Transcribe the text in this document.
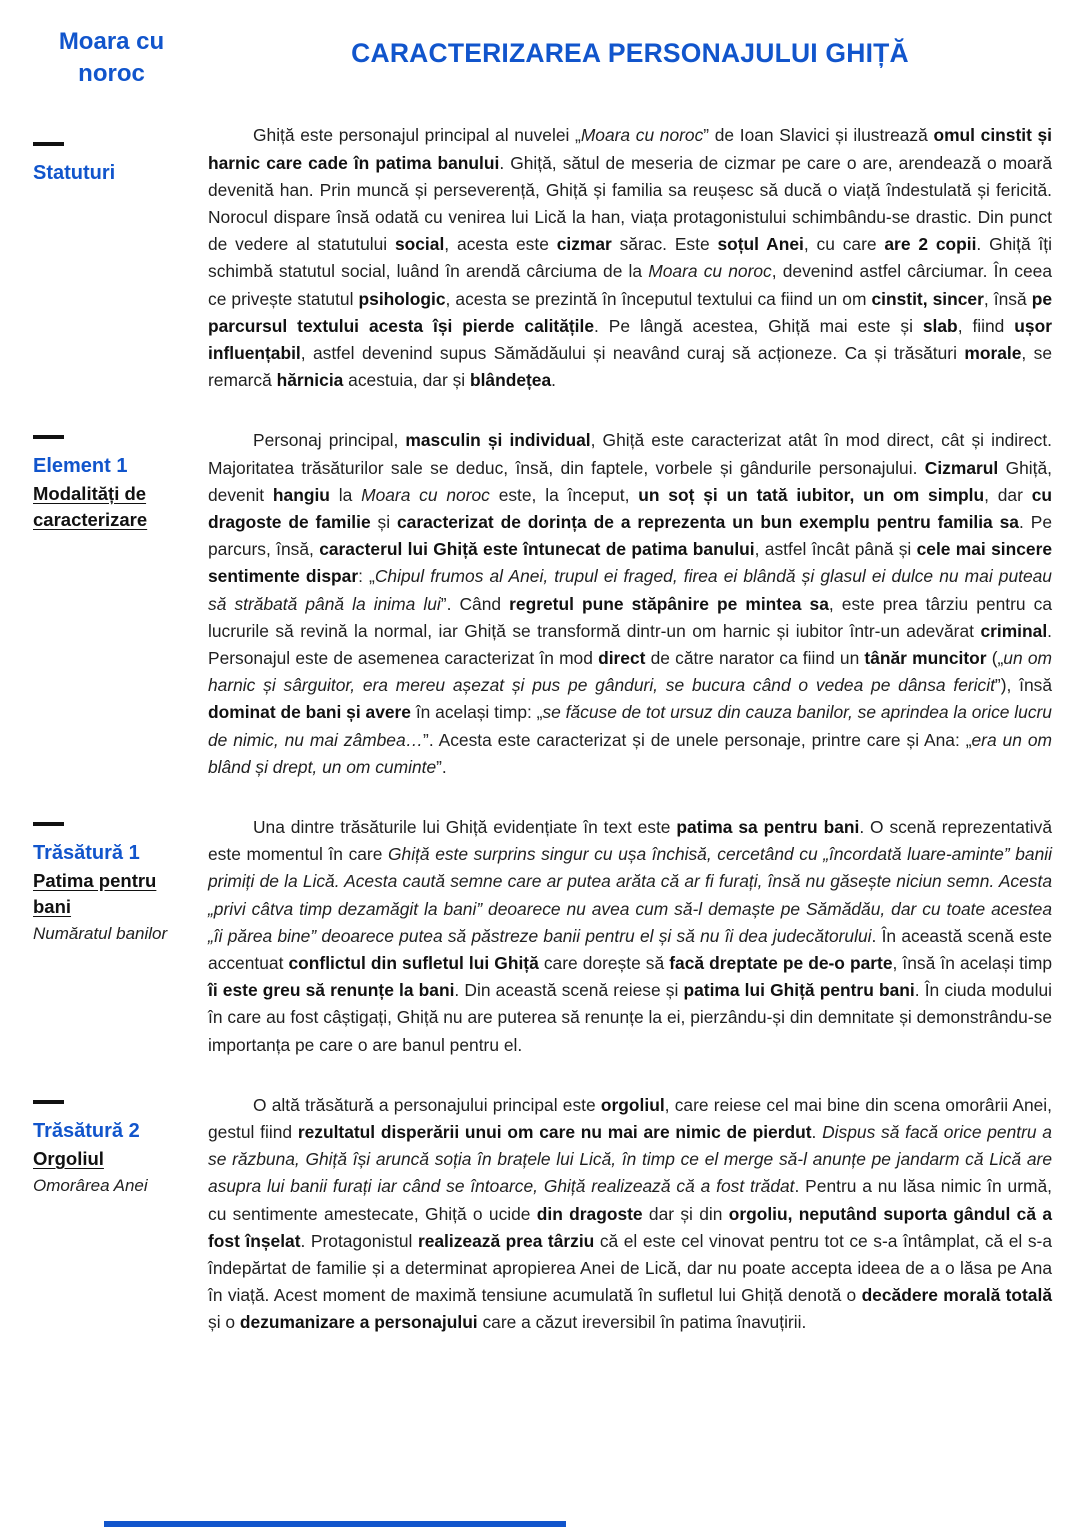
Moara cu noroc
CARACTERIZAREA PERSONAJULUI GHIȚĂ
Statuturi

Ghiță este personajul principal al nuvelei „Moara cu noroc” de Ioan Slavici și ilustrează omul cinstit și harnic care cade în patima banului. Ghiță, sătul de meseria de cizmar pe care o are, arendează o moară devenită han. Prin muncă și perseverență, Ghiță și familia sa reușesc să ducă o viață îndestulată și fericită. Norocul dispare însă odată cu venirea lui Lică la han, viața protagonistului schimbându-se drastic. Din punct de vedere al statutului social, acesta este cizmar sărac. Este soțul Anei, cu care are 2 copii. Ghiță îți schimbă statutul social, luând în arendă cârciuma de la Moara cu noroc, devenind astfel cârciumar. În ceea ce privește statutul psihologic, acesta se prezintă în începutul textului ca fiind un om cinstit, sincer, însă pe parcursul textului acesta își pierde calitățile. Pe lângă acestea, Ghiță mai este și slab, fiind ușor influențabil, astfel devenind supus Sămădăului și neavând curaj să acționeze. Ca și trăsături morale, se remarcă hărnicia acestuia, dar și blândețea.

Element 1
Modalități de caracterizare

Personaj principal, masculin și individual, Ghiță este caracterizat atât în mod direct, cât și indirect. Majoritatea trăsăturilor sale se deduc, însă, din faptele, vorbele și gândurile personajului. Cizmarul Ghiță, devenit hangiu la Moara cu noroc este, la început, un soț și un tată iubitor, un om simplu, dar cu dragoste de familie și caracterizat de dorința de a reprezenta un bun exemplu pentru familia sa. Pe parcurs, însă, caracterul lui Ghiță este întunecat de patima banului, astfel încât până și cele mai sincere sentimente dispar: „Chipul frumos al Anei, trupul ei fraged, firea ei blândă și glasul ei dulce nu mai puteau să străbată până la inima lui”. Când regretul pune stăpânire pe mintea sa, este prea târziu pentru ca lucrurile să revină la normal, iar Ghiță se transformă dintr-un om harnic și iubitor într-un adevărat criminal. Personajul este de asemenea caracterizat în mod direct de către narator ca fiind un tânăr muncitor („un om harnic și sârguitor, era mereu așezat și pus pe gânduri, se bucura când o vedea pe dânsa fericit”), însă dominat de bani și avere în același timp: „se făcuse de tot ursuz din cauza banilor, se aprindea la orice lucru de nimic, nu mai zâmbea…”. Acesta este caracterizat și de unele personaje, printre care și Ana: „era un om blând și drept, un om cuminte”.

Trăsătură 1
Patima pentru bani
Număratul banilor

Una dintre trăsăturile lui Ghiță evidențiate în text este patima sa pentru bani. O scenă reprezentativă este momentul în care Ghiță este surprins singur cu ușa închisă, cercetând cu „încordată luare-aminte” banii primiți de la Lică. Acesta caută semne care ar putea arăta că ar fi furați, însă nu găsește niciun semn. Acesta „privi câtva timp dezamăgit la bani” deoarece nu avea cum să-l demaște pe Sămădău, dar cu toate acestea „îi părea bine” deoarece putea să păstreze banii pentru el și să nu îi dea judecătorului. În această scenă este accentuat conflictul din sufletul lui Ghiță care dorește să facă dreptate pe de-o parte, însă în același timp îi este greu să renunțe la bani. Din această scenă reiese și patima lui Ghiță pentru bani. În ciuda modului în care au fost câștigați, Ghiță nu are puterea să renunțe la ei, pierzându-și din demnitate și demonstrându-se importanța pe care o are banul pentru el.

Trăsătură 2
Orgoliul
Omorârea Anei

O altă trăsătură a personajului principal este orgoliul, care reiese cel mai bine din scena omorârii Anei, gestul fiind rezultatul disperării unui om care nu mai are nimic de pierdut. Dispus să facă orice pentru a se răzbuna, Ghiță își aruncă soția în brațele lui Lică, în timp ce el merge să-l anunțe pe jandarm că Lică are asupra lui banii furați iar când se întoarce, Ghiță realizează că a fost trădat. Pentru a nu lăsa nimic în urmă, cu sentimente amestecate, Ghiță o ucide din dragoste dar și din orgoliu, neputând suporta gândul că a fost înșelat. Protagonistul realizează prea târziu că el este cel vinovat pentru tot ce s-a întâmplat, că el s-a îndepărtat de familie și a determinat apropierea Anei de Lică, dar nu poate accepta ideea de a o lăsa pe Ana în viață. Acest moment de maximă tensiune acumulată în sufletul lui Ghiță denotă o decădere morală totală și o dezumanizare a personajului care a căzut ireversibil în patima înavuțirii.
